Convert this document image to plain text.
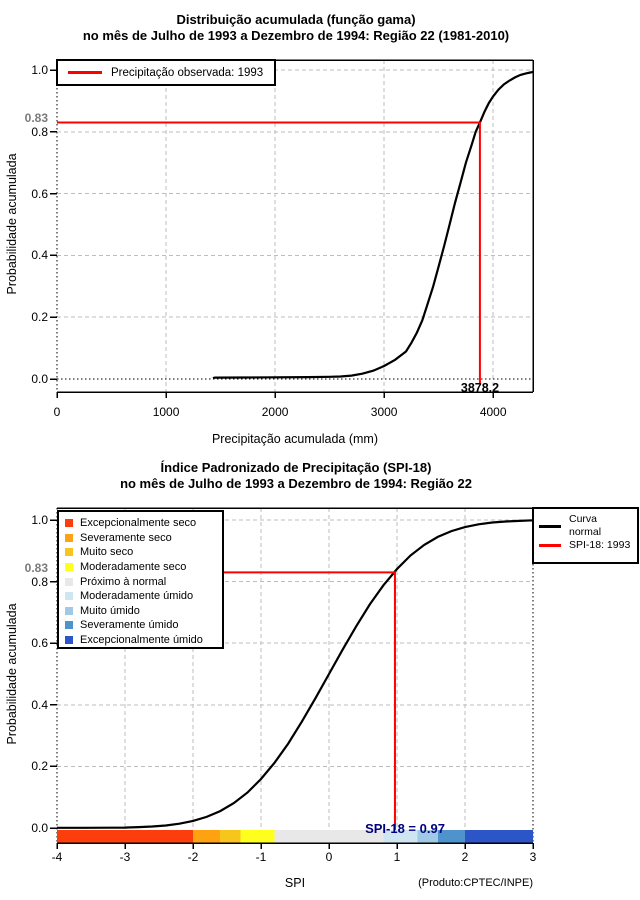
Distribuição acumulada (função gama)
no mês de Julho de 1993 a Dezembro de 1994: Região 22 (1981-2010)
Probabilidade acumulada
Precipitação acumulada (mm)
Precipitação observada: 1993
0.83
3878.2
Índice Padronizado de Precipitação (SPI-18)
no mês de Julho de 1993 a Dezembro de 1994: Região 22
Probabilidade acumulada
Excepcionalmente seco
Severamente seco
Muito seco
Moderadamente seco
Próximo à normal
Moderadamente úmido
Muito úmido
Severamente úmido
Excepcionalmente úmido
Curva
normal
SPI-18: 1993
0.83
SPI-18 = 0.97
SPI	(Produto:CPTEC/INPE)
0	1000	2000	3000	4000
0.0
0.2
0.4
0.6
0.8
1.0
-4	-3	-2	-1	0	1	2	3
0.0
0.2
0.4
0.6
0.8
1.0
